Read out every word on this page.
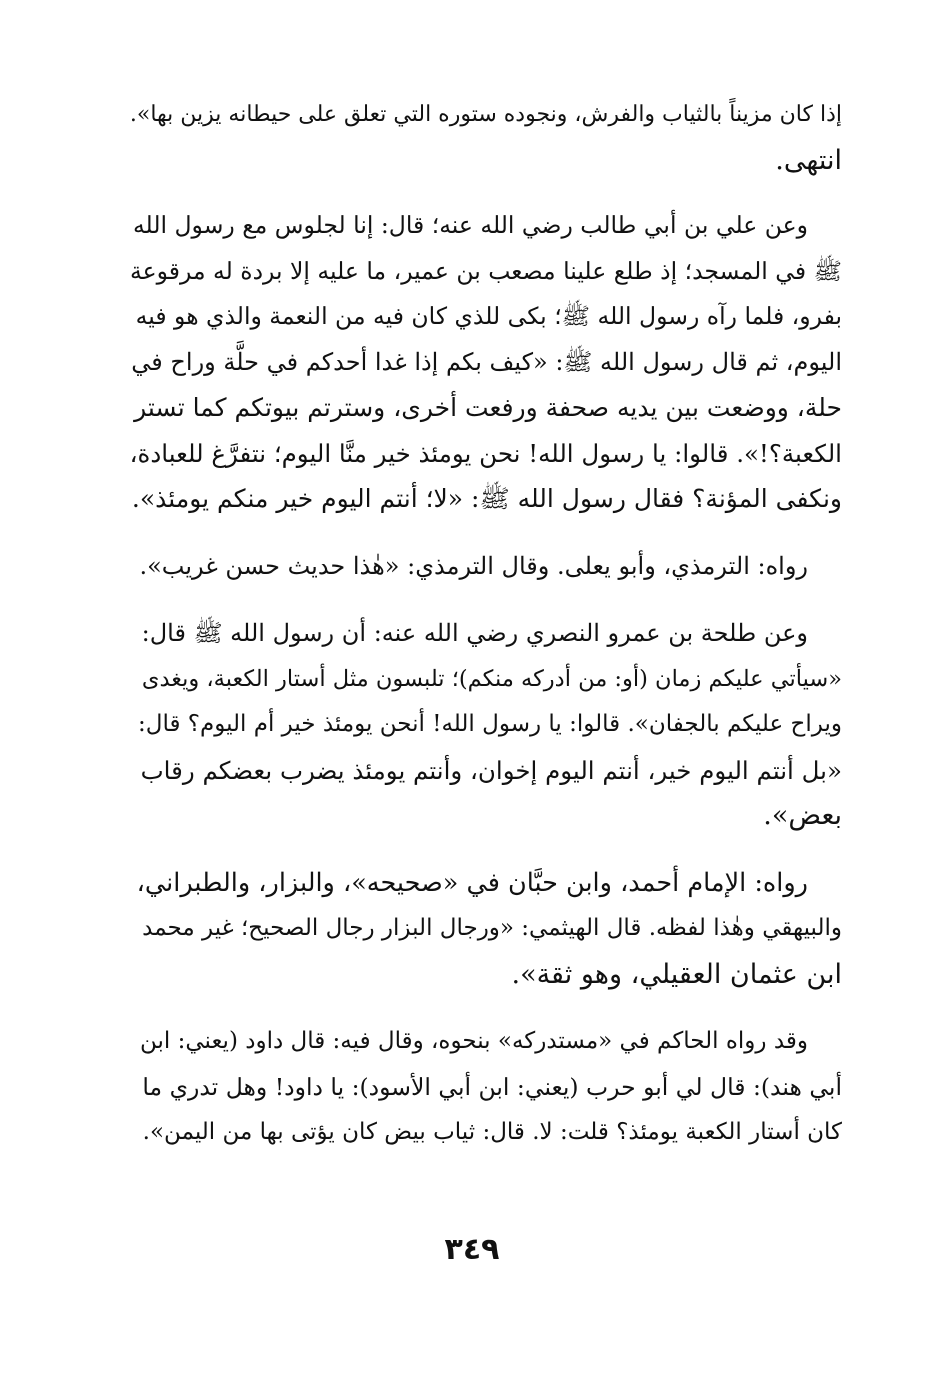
إذا كان مزيناً بالثياب والفرش، ونجوده ستوره التي تعلق على حيطانه يزين بها».
انتهى.
وعن علي بن أبي طالب رضي الله عنه؛ قال: إنا لجلوس مع رسول الله
ﷺ في المسجد؛ إذ طلع علينا مصعب بن عمير، ما عليه إلا بردة له مرقوعة
بفرو، فلما رآه رسول الله ﷺ؛ بكى للذي كان فيه من النعمة والذي هو فيه
اليوم، ثم قال رسول الله ﷺ: «كيف بكم إذا غدا أحدكم في حلَّة وراح في
حلة، ووضعت بين يديه صحفة ورفعت أخرى، وسترتم بيوتكم كما تستر
الكعبة؟!». قالوا: يا رسول الله! نحن يومئذ خير منَّا اليوم؛ نتفرَّغ للعبادة،
ونكفى المؤنة؟ فقال رسول الله ﷺ: «لا؛ أنتم اليوم خير منكم يومئذ».
رواه: الترمذي، وأبو يعلى. وقال الترمذي: «هٰذا حديث حسن غريب».
وعن طلحة بن عمرو النصري رضي الله عنه: أن رسول الله ﷺ قال:
«سيأتي عليكم زمان (أو: من أدركه منكم)؛ تلبسون مثل أستار الكعبة، ويغدى
ويراح عليكم بالجفان». قالوا: يا رسول الله! أنحن يومئذ خير أم اليوم؟ قال:
«بل أنتم اليوم خير، أنتم اليوم إخوان، وأنتم يومئذ يضرب بعضكم رقاب
بعض».
رواه: الإمام أحمد، وابن حبَّان في «صحيحه»، والبزار، والطبراني،
والبيهقي وهٰذا لفظه. قال الهيثمي: «ورجال البزار رجال الصحيح؛ غير محمد
ابن عثمان العقيلي، وهو ثقة».
وقد رواه الحاكم في «مستدركه» بنحوه، وقال فيه: قال داود (يعني: ابن
أبي هند): قال لي أبو حرب (يعني: ابن أبي الأسود): يا داود! وهل تدري ما
كان أستار الكعبة يومئذ؟ قلت: لا. قال: ثياب بيض كان يؤتى بها من اليمن».
٣٤٩
